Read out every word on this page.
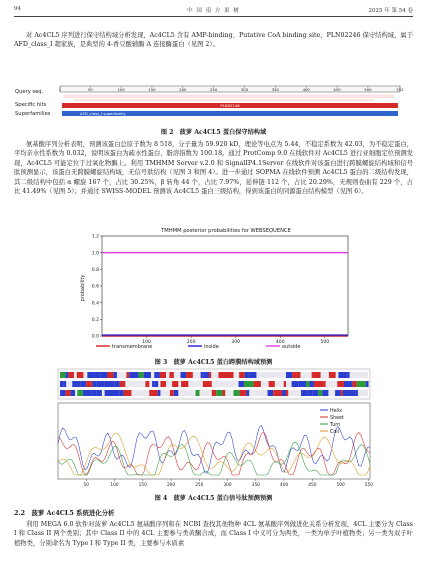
94	中 国 南 方 果 树	2025 年 第 54 卷
对 Ac4CL5 序列进行保守结构域分析发现，Ac4CL5 含有 AMP-binding、Putative CoA binding site、PLN02246 保守结构域，属于 AFD_class_I 超家族，是典型的 4-香豆酸辅酶 A 连接酶蛋白（见图 2）。
Query seq.	1	50	100	150	200	250	300	350	400	450	500	552
Specific hits	PLN02246
Superfamilies	AFD_class_I superfamily
图 2　菠萝 Ac4CL5 蛋白保守结构域
氨基酸序列分析表明，预测该蛋白总原子数为 8 518，分子量为 59.920 kD，理论等电点为 5.44，不稳定系数为 42.03，为不稳定蛋白，平均亲水性系数为 0.032，说明该蛋白为疏水性蛋白，脂溶指数为 100.18。通过 ProtComp 9.0 在线软件对 Ac4CL5 进行亚细胞定位预测发现，Ac4CL5 可能定位于过氧化物酶上。利用 TMHMM Server v.2.0 和 SignalIP4.1Server 在线软件对该蛋白进行跨膜螺旋结构域和信号肽预测显示，该蛋白无跨膜螺旋结构域，无信号肽结构（见图 3 和图 4）。进一步通过 SOPMA 在线软件预测 Ac4CL5 蛋白的二级结构发现，其二级结构中包括 α 螺旋 167 个，占比 30.25%，β 转角 44 个，占比 7.97%，延伸链 112 个，占比 20.29%，无规则卷曲有 229 个，占比 41.49%（见图 5）；并通过 SWISS-MODEL 预测该 Ac4CL5 蛋白三级结构，得到该蛋白的同源蛋白结构模型（见图 6）。
TMHMM posterior probabilities for WEBSEQUENCE
probability
0.0
0.2
0.4
0.6
0.8
1.0
1.2
100	200	300	400	500
transmembrane	inside	outside
图 3　菠萝 Ac4CL5 蛋白跨膜结构域预测
50	100	150	200	250	300	350	400	450	500	550
Helix
Sheet
Turn
Coil
图 4　菠萝 Ac4CL5 蛋白信号肽预测预测
2.2　菠萝 Ac4CL5 系统进化分析
利用 MEGA 6.0 软件对菠萝 Ac4CL5 氨基酸序列和在 NCBI 查找其他物种 4CL 氨基酸序列做进化关系分析发现，4CL 主要分为 Class I 和 Class II 两个类别；其中 Class II 中的 4CL 主要参与类黄酮合成，而 Class I 中又可分为两类，一类为单子叶植物类；另一类为双子叶植物类，分别命名为 Type I 和 Type II 类，主要参与木质素
